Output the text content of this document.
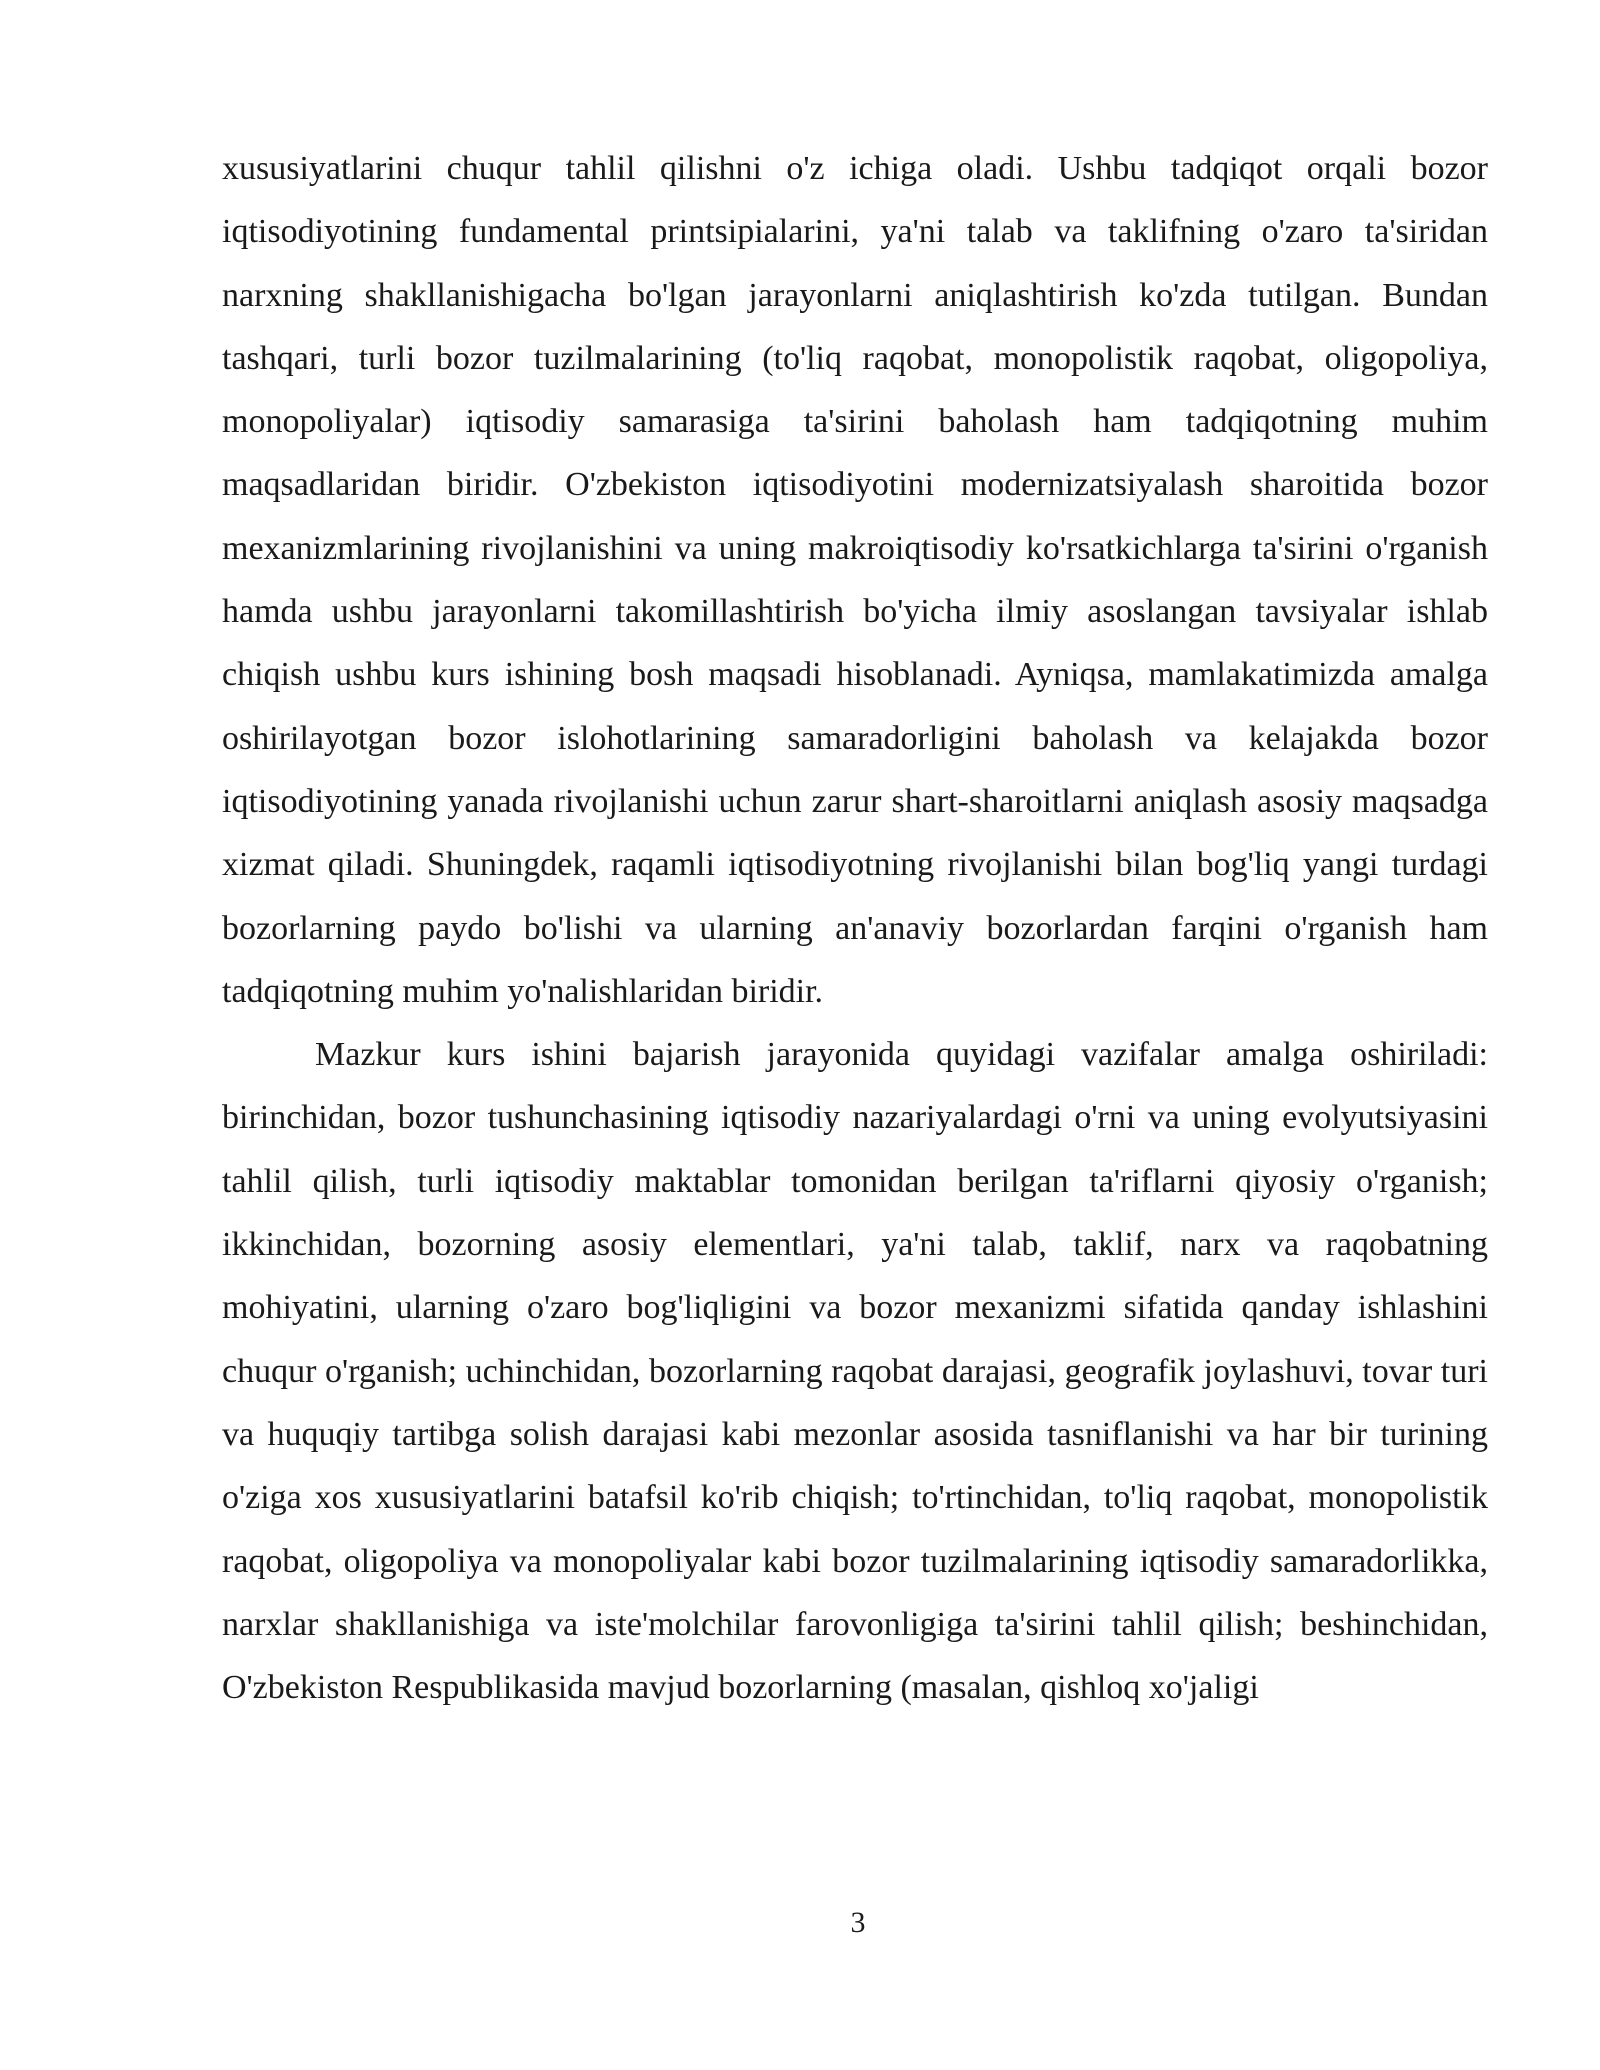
xususiyatlarini chuqur tahlil qilishni o'z ichiga oladi. Ushbu tadqiqot orqali bozor iqtisodiyotining fundamental printsipialarini, ya'ni talab va taklifning o'zaro ta'siridan narxning shakllanishigacha bo'lgan jarayonlarni aniqlashtirish ko'zda tutilgan. Bundan tashqari, turli bozor tuzilmalarining (to'liq raqobat, monopolistik raqobat, oligopoliya, monopoliyalar) iqtisodiy samarasiga ta'sirini baholash ham tadqiqotning muhim maqsadlaridan biridir. O'zbekiston iqtisodiyotini modernizatsiyalash sharoitida bozor mexanizmlarining rivojlanishini va uning makroiqtisodiy ko'rsatkichlarga ta'sirini o'rganish hamda ushbu jarayonlarni takomillashtirish bo'yicha ilmiy asoslangan tavsiyalar ishlab chiqish ushbu kurs ishining bosh maqsadi hisoblanadi. Ayniqsa, mamlakatimizda amalga oshirilayotgan bozor islohotlarining samaradorligini baholash va kelajakda bozor iqtisodiyotining yanada rivojlanishi uchun zarur shart-sharoitlarni aniqlash asosiy maqsadga xizmat qiladi. Shuningdek, raqamli iqtisodiyotning rivojlanishi bilan bog'liq yangi turdagi bozorlarning paydo bo'lishi va ularning an'anaviy bozorlardan farqini o'rganish ham tadqiqotning muhim yo'nalishlaridan biridir.

Mazkur kurs ishini bajarish jarayonida quyidagi vazifalar amalga oshiriladi: birinchidan, bozor tushunchasining iqtisodiy nazariyalardagi o'rni va uning evolyutsiyasini tahlil qilish, turli iqtisodiy maktablar tomonidan berilgan ta'riflarni qiyosiy o'rganish; ikkinchidan, bozorning asosiy elementlari, ya'ni talab, taklif, narx va raqobatning mohiyatini, ularning o'zaro bog'liqligini va bozor mexanizmi sifatida qanday ishlashini chuqur o'rganish; uchinchidan, bozorlarning raqobat darajasi, geografik joylashuvi, tovar turi va huquqiy tartibga solish darajasi kabi mezonlar asosida tasniflanishi va har bir turining o'ziga xos xususiyatlarini batafsil ko'rib chiqish; to'rtinchidan, to'liq raqobat, monopolistik raqobat, oligopoliya va monopoliyalar kabi bozor tuzilmalarining iqtisodiy samaradorlikka, narxlar shakllanishiga va iste'molchilar farovonligiga ta'sirini tahlil qilish; beshinchidan, O'zbekiston Respublikasida mavjud bozorlarning (masalan, qishloq xo'jaligi

3
